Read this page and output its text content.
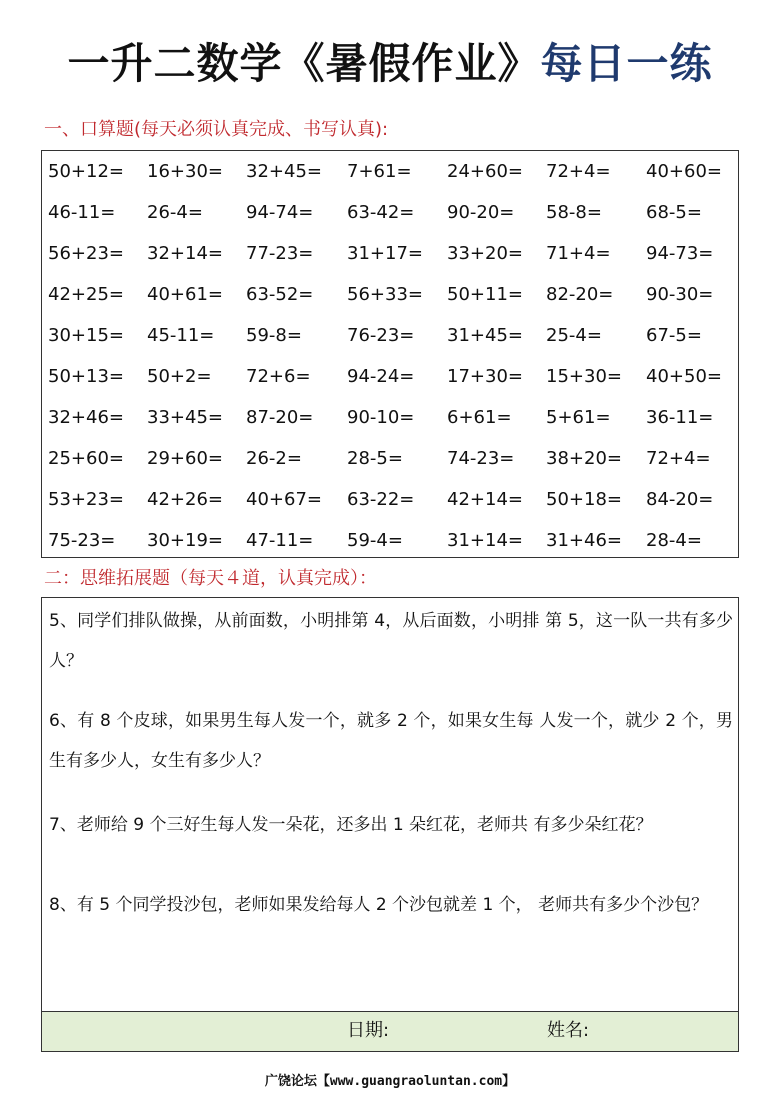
一升二数学《暑假作业》每日一练
一、口算题(每天必须认真完成、书写认真):
50+12= 16+30= 32+45= 7+61= 24+60= 72+4= 40+60=
46-11= 26-4= 94-74= 63-42= 90-20= 58-8= 68-5=
56+23= 32+14= 77-23= 31+17= 33+20= 71+4= 94-73=
42+25= 40+61= 63-52= 56+33= 50+11= 82-20= 90-30=
30+15= 45-11= 59-8=	76-23= 31+45= 25-4= 67-5=
50+13= 50+2= 72+6= 94-24= 17+30= 15+30= 40+50=
32+46= 33+45= 87-20= 90-10= 6+61= 5+61= 36-11=
25+60= 29+60= 26-2=	28-5= 74-23= 38+20= 72+4=
53+23= 42+26= 40+67= 63-22= 42+14= 50+18= 84-20=
75-23= 30+19= 47-11= 59-4= 31+14= 31+46= 28-4=
二：思维拓展题（每天４道，认真完成）：
5、同学们排队做操，从前面数，小明排第 4，从后面数，小明排 第 5，这一队一共有多少人？
6、有 8 个皮球，如果男生每人发一个，就多 2 个，如果女生每 人发一个，就少 2 个，男生有多少人，女生有多少人？
7、老师给 9 个三好生每人发一朵花，还多出 1 朵红花，老师共 有多少朵红花？
8、有 5 个同学投沙包，老师如果发给每人 2 个沙包就差 1 个， 老师共有多少个沙包？
日期:	姓名:
广饶论坛【www.guangraoluntan.com】
